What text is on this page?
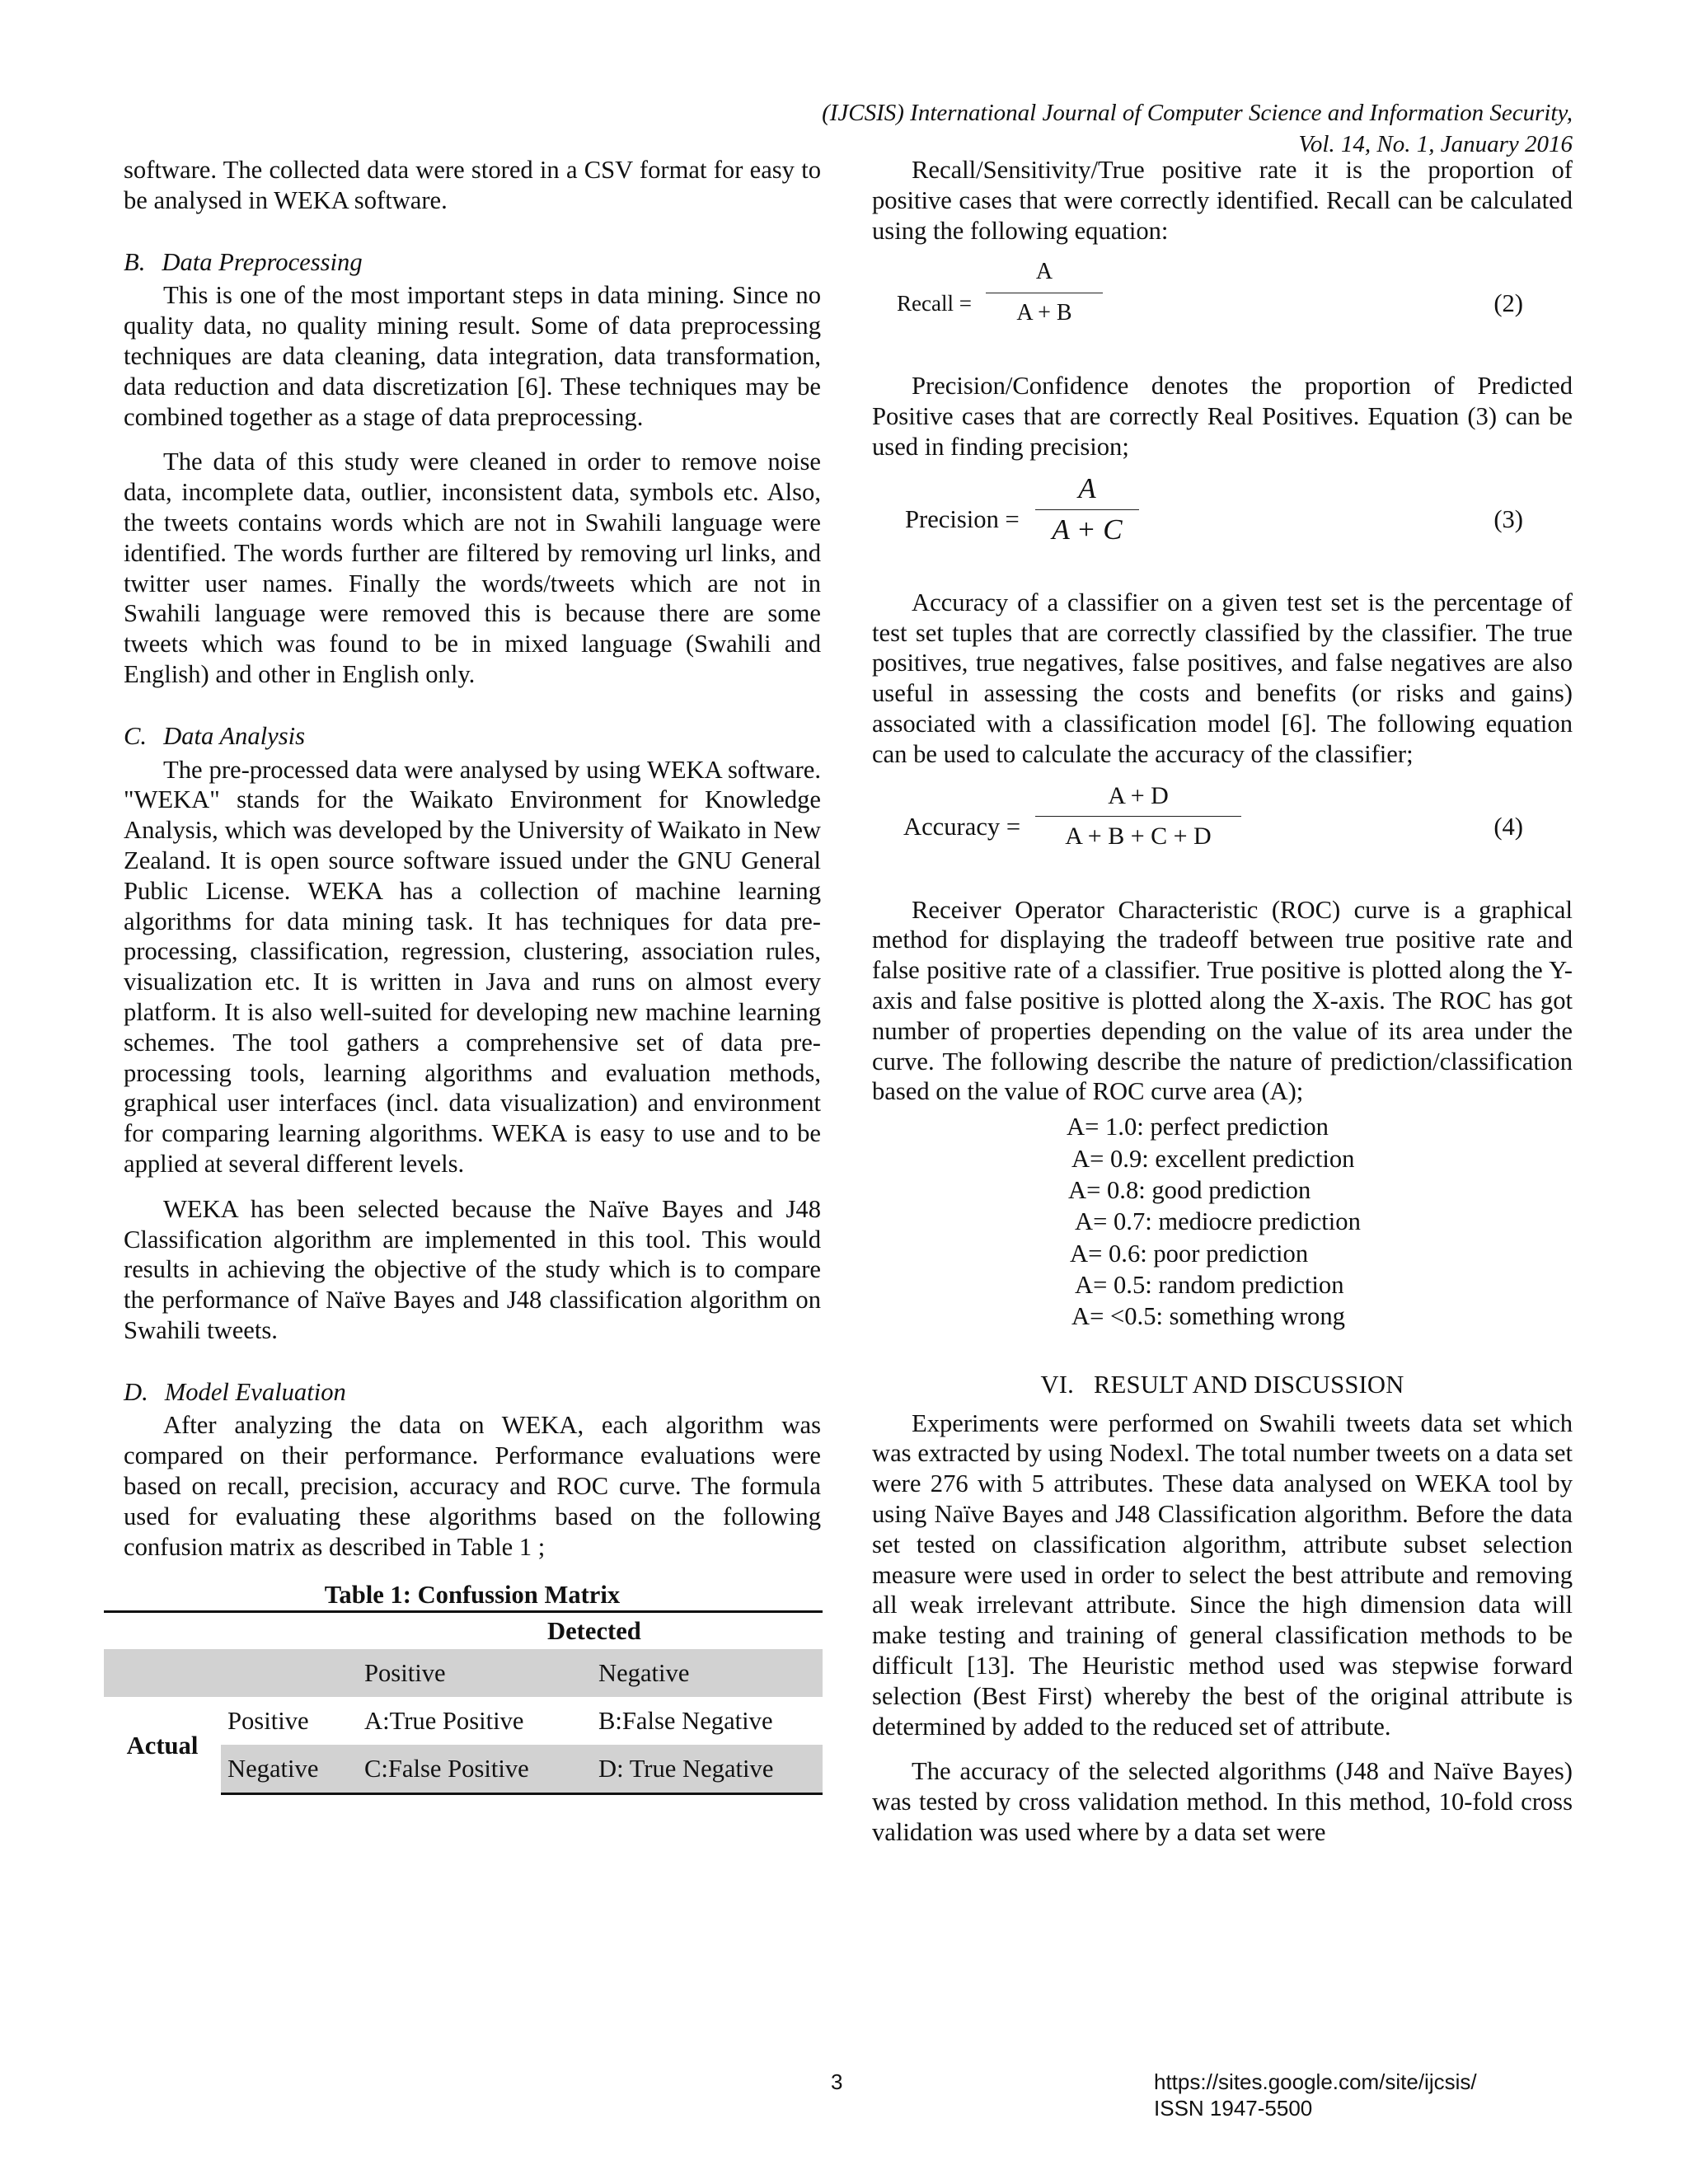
(IJCSIS) International Journal of Computer Science and Information Security,
Vol. 14, No. 1, January 2016

software. The collected data were stored in a CSV format for easy to be analysed in WEKA software.

B. Data Preprocessing

This is one of the most important steps in data mining. Since no quality data, no quality mining result. Some of data preprocessing techniques are data cleaning, data integration, data transformation, data reduction and data discretization [6]. These techniques may be combined together as a stage of data preprocessing.

The data of this study were cleaned in order to remove noise data, incomplete data, outlier, inconsistent data, symbols etc. Also, the tweets contains words which are not in Swahili language were identified. The words further are filtered by removing url links, and twitter user names. Finally the words/tweets which are not in Swahili language were removed this is because there are some tweets which was found to be in mixed language (Swahili and English) and other in English only.

C. Data Analysis

The pre-processed data were analysed by using WEKA software. "WEKA" stands for the Waikato Environment for Knowledge Analysis, which was developed by the University of Waikato in New Zealand. It is open source software issued under the GNU General Public License. WEKA has a collection of machine learning algorithms for data mining task. It has techniques for data pre-processing, classification, regression, clustering, association rules, visualization etc. It is written in Java and runs on almost every platform. It is also well-suited for developing new machine learning schemes. The tool gathers a comprehensive set of data pre-processing tools, learning algorithms and evaluation methods, graphical user interfaces (incl. data visualization) and environment for comparing learning algorithms. WEKA is easy to use and to be applied at several different levels.

WEKA has been selected because the Naïve Bayes and J48 Classification algorithm are implemented in this tool. This would results in achieving the objective of the study which is to compare the performance of Naïve Bayes and J48 classification algorithm on Swahili tweets.

D. Model Evaluation

After analyzing the data on WEKA, each algorithm was compared on their performance. Performance evaluations were based on recall, precision, accuracy and ROC curve. The formula used for evaluating these algorithms based on the following confusion matrix as described in Table 1 ;

Table 1: Confussion Matrix
		Detected	
		Positive	Negative
Actual	Positive	A:True Positive	B:False Negative
	Negative	C:False Positive	D: True Negative

Recall/Sensitivity/True positive rate it is the proportion of positive cases that were correctly identified. Recall can be calculated using the following equation:

Recall =
A
A + B	(2)

Precision/Confidence denotes the proportion of Predicted Positive cases that are correctly Real Positives. Equation (3) can be used in finding precision;

Precision =
A
A + C	(3)

Accuracy of a classifier on a given test set is the percentage of test set tuples that are correctly classified by the classifier. The true positives, true negatives, false positives, and false negatives are also useful in assessing the costs and benefits (or risks and gains) associated with a classification model [6]. The following equation can be used to calculate the accuracy of the classifier;

Accuracy =
A + D
A + B + C + D	(4)

Receiver Operator Characteristic (ROC) curve is a graphical method for displaying the tradeoff between true positive rate and false positive rate of a classifier. True positive is plotted along the Y-axis and false positive is plotted along the X-axis. The ROC has got number of properties depending on the value of its area under the curve. The following describe the nature of prediction/classification based on the value of ROC curve area (A);

A= 1.0: perfect prediction
A= 0.9: excellent prediction
A= 0.8: good prediction
A= 0.7: mediocre prediction
A= 0.6: poor prediction
A= 0.5: random prediction
A= <0.5: something wrong
VI. RESULT AND DISCUSSION

Experiments were performed on Swahili tweets data set which was extracted by using Nodexl. The total number tweets on a data set were 276 with 5 attributes. These data analysed on WEKA tool by using Naïve Bayes and J48 Classification algorithm. Before the data set tested on classification algorithm, attribute subset selection measure were used in order to select the best attribute and removing all weak irrelevant attribute. Since the high dimension data will make testing and training of general classification methods to be difficult [13]. The Heuristic method used was stepwise forward selection (Best First) whereby the best of the original attribute is determined by added to the reduced set of attribute.

The accuracy of the selected algorithms (J48 and Naïve Bayes) was tested by cross validation method. In this method, 10-fold cross validation was used where by a data set were

3	https://sites.google.com/site/ijcsis/
ISSN 1947-5500
